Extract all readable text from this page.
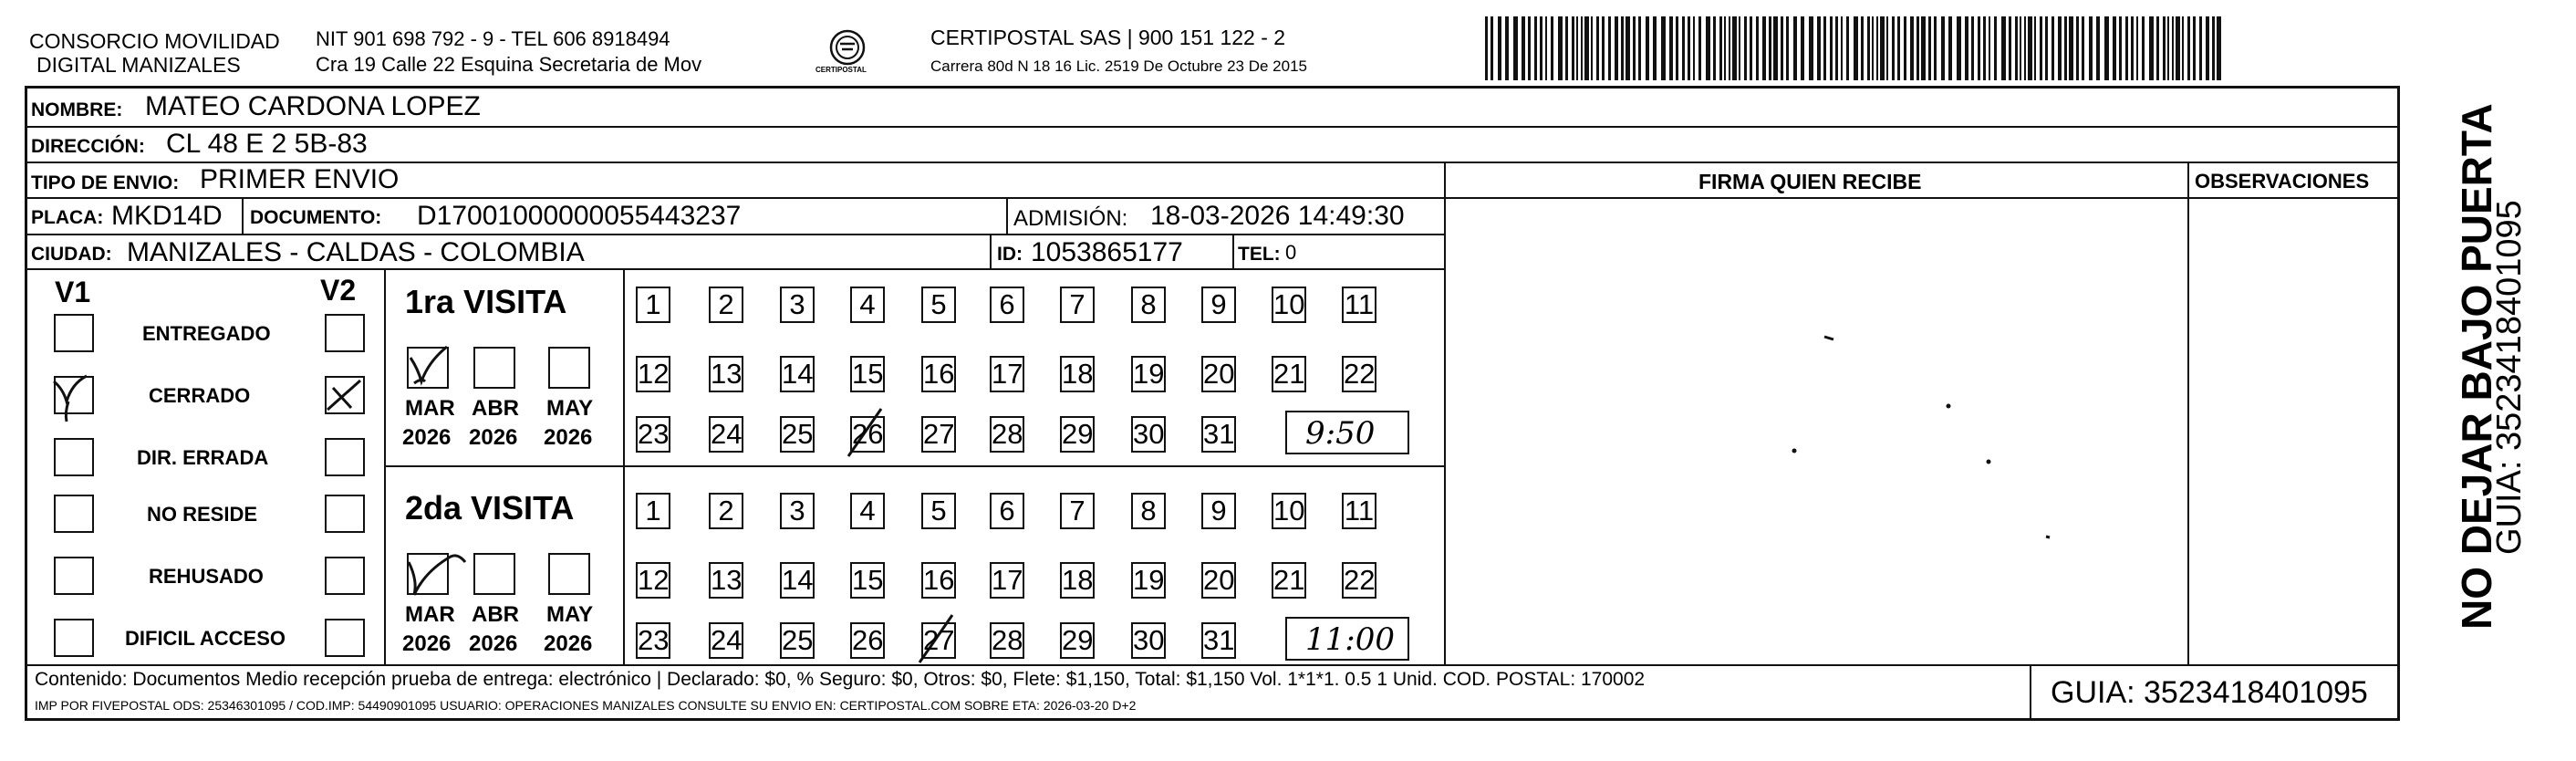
CONSORCIO MOVILIDAD
DIGITAL MANIZALES
NIT 901 698 792 - 9 - TEL 606 8918494
Cra 19 Calle 22 Esquina Secretaria de Mov	CERTIPOSTAL
CERTIPOSTAL SAS | 900 151 122 - 2
Carrera 80d N 18 16 Lic. 2519 De Octubre 23 De 2015
NOMBRE: MATEO CARDONA LOPEZ
DIRECCIÓN: CL 48 E 2 5B-83
TIPO DE ENVIO: PRIMER ENVIO
PLACA: MKD14D DOCUMENTO: D17001000000055443237	ADMISIÓN: 18-03-2026 14:49:30
CIUDAD: MANIZALES - CALDAS - COLOMBIA	ID: 1053865177	TEL: 0
FIRMA QUIEN RECIBE	OBSERVACIONES
V1	V2
ENTREGADO
CERRADO
DIR. ERRADA
NO RESIDE
REHUSADO
DIFICIL ACCESO
1ra VISITA
MAR
2026
ABR
2026
MAY
2026
1	2	3	4	5	6	7	8	9	10 11
12 13 14 15 16 17 18 19 20 21 22
23 24 25 26 27 28 29 30 31 9:50
2da VISITA
MAR
2026
ABR
2026
MAY
2026
1	2	3	4	5	6	7	8	9	10 11
12 13 14 15 16 17 18 19 20 21 22
23 24 25 26 27 28 29 30 31 11:00
Contenido: Documentos Medio recepción prueba de entrega: electrónico | Declarado: $0, % Seguro: $0, Otros: $0, Flete: $1,150, Total: $1,150 Vol. 1*1*1. 0.5 1 Unid. COD. POSTAL: 170002
IMP POR FIVEPOSTAL ODS: 25346301095 / COD.IMP: 54490901095 USUARIO: OPERACIONES MANIZALES CONSULTE SU ENVIO EN: CERTIPOSTAL.COM SOBRE ETA: 2026-03-20 D+2	GUIA: 3523418401095
NO DEJAR BAJO PUERTA
GUIA: 3523418401095
